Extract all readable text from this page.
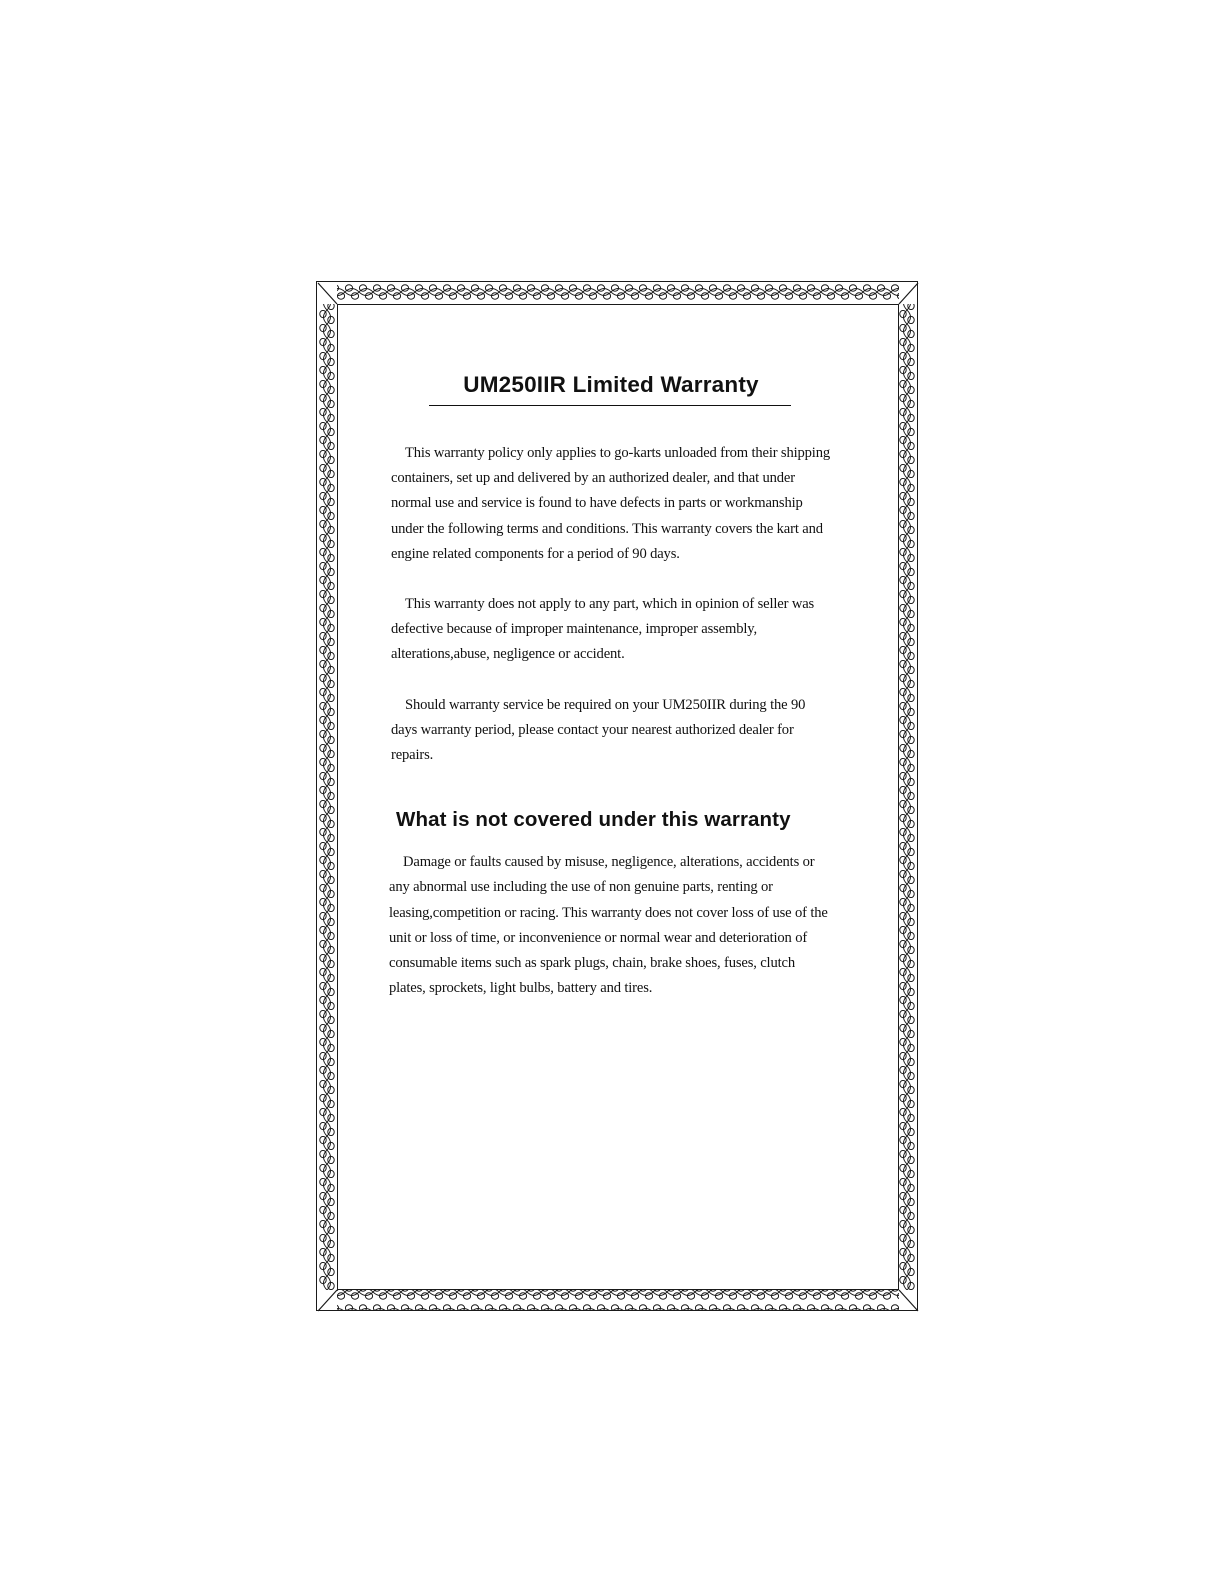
UM250IIR Limited Warranty

This warranty policy only applies to go-karts unloaded from their shipping containers, set up and delivered by an authorized dealer, and that under normal use and service is found to have defects in parts or workmanship under the following terms and conditions. This warranty covers the kart and engine related components for a period of 90 days.

This warranty does not apply to any part, which in opinion of seller was defective because of improper maintenance, improper assembly, alterations,abuse, negligence or accident.

Should warranty service be required on your UM250IIR during the 90 days warranty period, please contact your nearest authorized dealer for repairs.

What is not covered under this warranty

Damage or faults caused by misuse, negligence, alterations, accidents or any abnormal use including the use of non genuine parts, renting or leasing,competition or racing. This warranty does not cover loss of use of the unit or loss of time, or inconvenience or normal wear and deterioration of consumable items such as spark plugs, chain, brake shoes, fuses, clutch plates, sprockets, light bulbs, battery and tires.
